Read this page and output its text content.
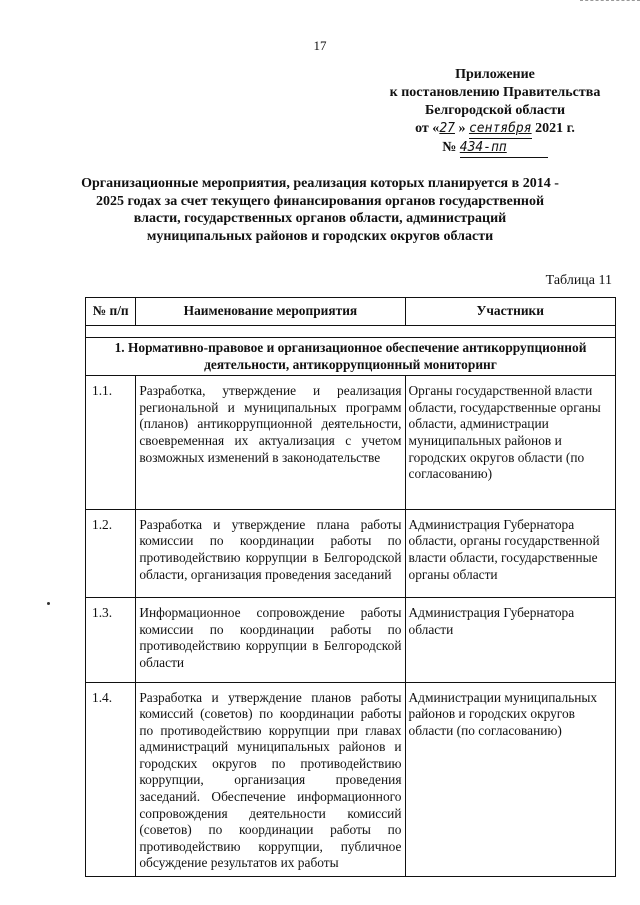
17
Приложение
к постановлению Правительства
Белгородской области
от «27 » сентября 2021 г.
№ 434-пп
Организационные мероприятия, реализация которых планируется в 2014 - 2025 годах за счет текущего финансирования органов государственной власти, государственных органов области, администраций муниципальных районов и городских округов области
Таблица 11
№ п/п	Наименование мероприятия	Участники

1. Нормативно-правовое и организационное обеспечение антикоррупционной деятельности, антикоррупционный мониторинг		
1.1.	Разработка, утверждение и реализация региональной и муниципальных программ (планов) антикоррупционной деятельности, своевременная их актуализация с учетом возможных изменений в законодательстве	Органы государственной власти области, государственные органы области, администрации муниципальных районов и городских округов области (по согласованию)
1.2.	Разработка и утверждение плана работы комиссии по координации работы по противодействию коррупции в Белгородской области, организация проведения заседаний	Администрация Губернатора области, органы государственной власти области, государственные органы области
1.3.	Информационное сопровождение работы комиссии по координации работы по противодействию коррупции в Белгородской области	Администрация Губернатора области
1.4.	Разработка и утверждение планов работы комиссий (советов) по координации работы по противодействию коррупции при главах администраций муниципальных районов и городских округов по противодействию коррупции, организация проведения заседаний. Обеспечение информационного сопровождения деятельности комиссий (советов) по координации работы по противодействию коррупции, публичное обсуждение результатов их работы	Администрации муниципальных районов и городских округов области (по согласованию)
